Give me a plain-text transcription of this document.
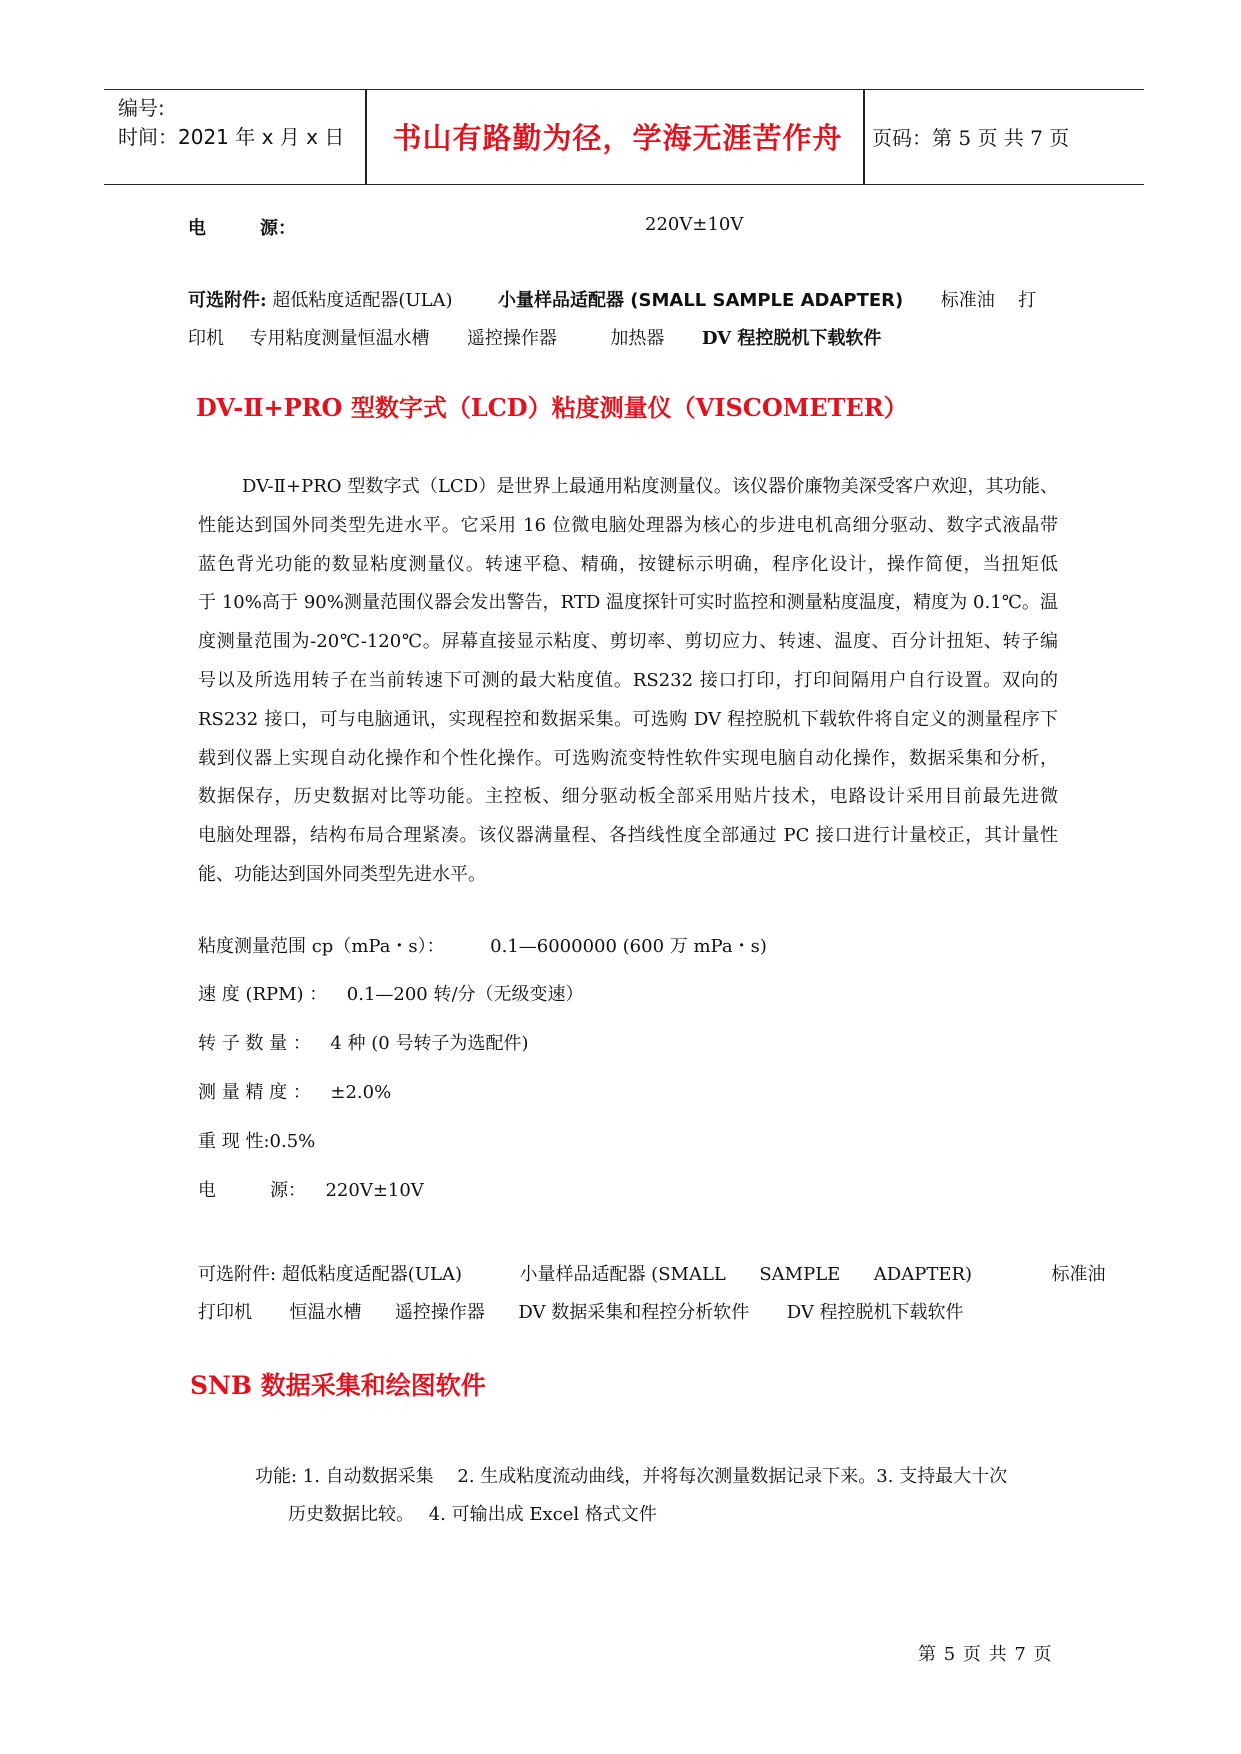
编号:
时间：2021 年 x 月 x 日	书山有路勤为径，学海无涯苦作舟	页码：第 5 页 共 7 页
电　　　源：	220V±10V
可选附件: 超低粘度适配器(ULA)	小量样品适配器 (SMALL SAMPLE ADAPTER) 标准油 打
印机 专用粘度测量恒温水槽 遥控操作器	加热器 DV 程控脱机下载软件
DV-Ⅱ+PRO 型数字式（LCD）粘度测量仪（VISCOMETER）
DV-Ⅱ+PRO 型数字式（LCD）是世界上最通用粘度测量仪。该仪器价廉物美深受客户欢迎，其功能、
性能达到国外同类型先进水平。它采用 16 位微电脑处理器为核心的步进电机高细分驱动、数字式液晶带
蓝色背光功能的数显粘度测量仪。转速平稳、精确，按键标示明确，程序化设计，操作简便，当扭矩低
于 10%高于 90%测量范围仪器会发出警告，RTD 温度探针可实时监控和测量粘度温度，精度为 0.1℃。温
度测量范围为-20℃-120℃。屏幕直接显示粘度、剪切率、剪切应力、转速、温度、百分计扭矩、转子编
号以及所选用转子在当前转速下可测的最大粘度值。RS232 接口打印，打印间隔用户自行设置。双向的
RS232 接口，可与电脑通讯，实现程控和数据采集。可选购 DV 程控脱机下载软件将自定义的测量程序下
载到仪器上实现自动化操作和个性化操作。可选购流变特性软件实现电脑自动化操作，数据采集和分析，
数据保存，历史数据对比等功能。主控板、细分驱动板全部采用贴片技术，电路设计采用目前最先进微
电脑处理器，结构布局合理紧凑。该仪器满量程、各挡线性度全部通过 PC 接口进行计量校正，其计量性
能、功能达到国外同类型先进水平。
粘度测量范围 cp（mPa・s）：	0.1—6000000 (600 万 mPa・s)
速 度 (RPM) ： 0.1—200 转/分（无级变速）
转 子 数 量 ： 4 种 (0 号转子为选配件)
测 量 精 度 ： ±2.0%
重 现 性:0.5%
电　　　源： 220V±10V
可选附件: 超低粘度适配器(ULA)	小量样品适配器 (SMALL SAMPLE ADAPTER)	标准油
打印机 恒温水槽 遥控操作器 DV 数据采集和程控分析软件 DV 程控脱机下载软件
SNB 数据采集和绘图软件
功能: 1. 自动数据采集　 2. 生成粘度流动曲线，并将每次测量数据记录下来。3. 支持最大十次
历史数据比较。　 4. 可输出成 Excel 格式文件
第 5 页 共 7 页
